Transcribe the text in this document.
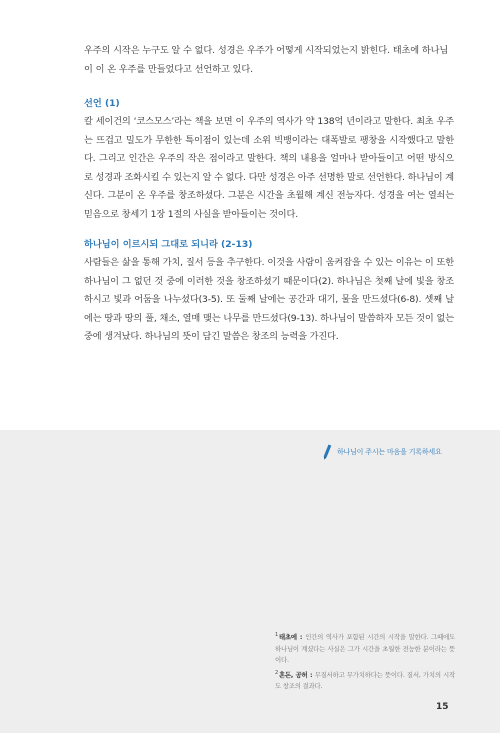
우주의 시작은 누구도 알 수 없다. 성경은 우주가 어떻게 시작되었는지 밝힌다. 태초에 하나님이 이 온 우주를 만들었다고 선언하고 있다.

선언 (1)

칼 세이건의 ‘코스모스’라는 책을 보면 이 우주의 역사가 약 138억 년이라고 말한다. 최초 우주는 뜨겁고 밀도가 무한한 특이점이 있는데 소위 빅뱅이라는 대폭발로 팽창을 시작했다고 말한다. 그리고 인간은 우주의 작은 점이라고 말한다. 책의 내용을 얼마나 받아들이고 어떤 방식으로 성경과 조화시킬 수 있는지 알 수 없다. 다만 성경은 아주 선명한 말로 선언한다. 하나님이 계신다. 그분이 온 우주를 창조하셨다. 그분은 시간을 초월해 계신 전능자다. 성경을 여는 열쇠는 믿음으로 창세기 1장 1절의 사실을 받아들이는 것이다.

하나님이 이르시되 그대로 되니라 (2-13)

사람들은 삶을 통해 가치, 질서 등을 추구한다. 이것을 사람이 움켜잡을 수 있는 이유는 이 또한 하나님이 그 없던 것 중에 이러한 것을 창조하셨기 때문이다(2). 하나님은 첫째 날에 빛을 창조하시고 빛과 어둠을 나누셨다(3-5). 또 둘째 날에는 공간과 대기, 물을 만드셨다(6-8). 셋째 날에는 땅과 땅의 풀, 채소, 열매 맺는 나무를 만드셨다(9-13). 하나님이 말씀하자 모든 것이 없는 중에 생겨났다. 하나님의 뜻이 담긴 말씀은 창조의 능력을 가진다.

하나님이 주시는 마음을 기록하세요

$^1$태초에 : 인간의 역사가 포함된 시간의 시작을 말한다. 그때에도 하나님이 계셨다는 사실은 그가 시간을 초월한 전능한 분이라는 뜻이다.

$^2$혼돈, 공허 : 무질서하고 무가치하다는 뜻이다. 질서, 가치의 시작도 창조의 결과다.

15
